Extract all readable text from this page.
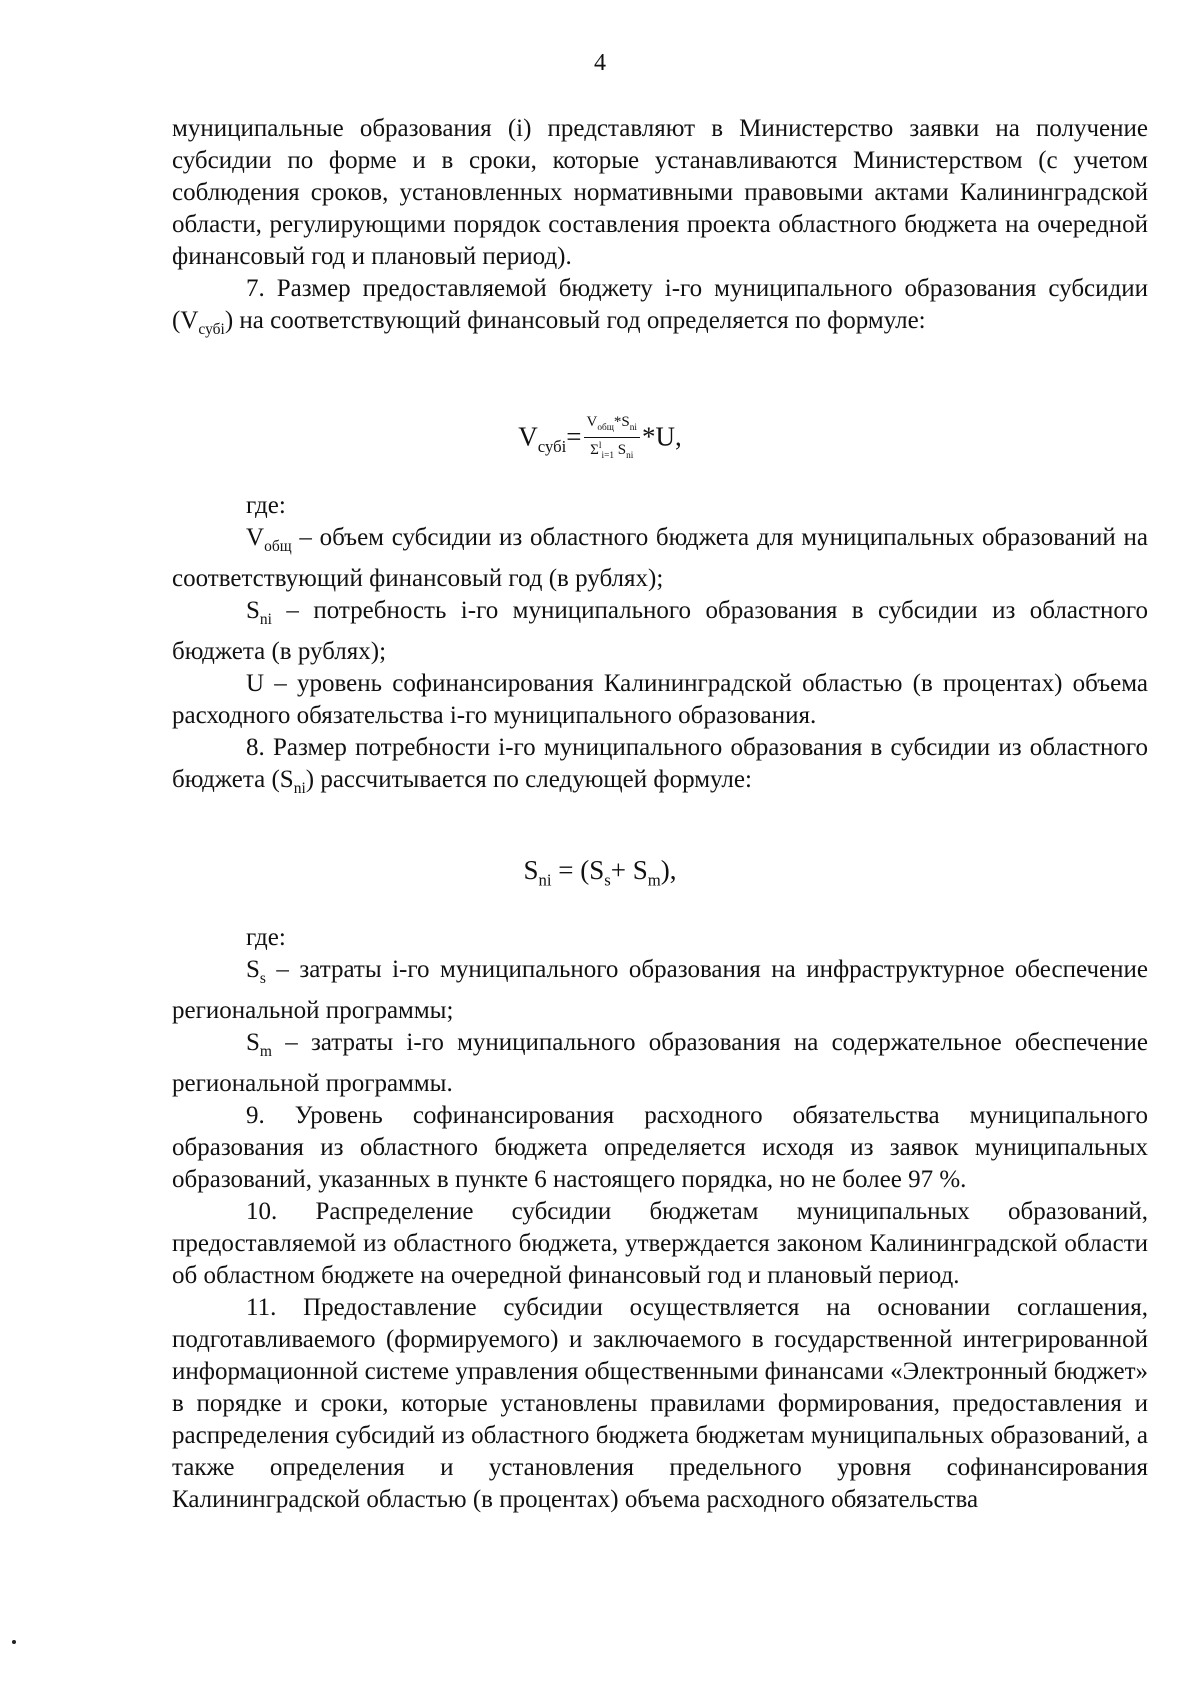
4

муниципальные образования (i) представляют в Министерство заявки на получение субсидии по форме и в сроки, которые устанавливаются Министерством (с учетом соблюдения сроков, установленных нормативными правовыми актами Калининградской области, регулирующими порядок составления проекта областного бюджета на очередной финансовый год и плановый период).

7. Размер предоставляемой бюджету i-го муниципального образования субсидии $(V_{субi})$ на соответствующий финансовый год определяется по формуле:

$V_{субi}= \frac{V_{общ}*S_{ni}}{\Sigma^l_{i=1} S_{ni}} *U$,

где:

$V_{общ}$ – объем субсидии из областного бюджета для муниципальных образований на соответствующий финансовый год (в рублях);

$S_{ni}$ – потребность i-го муниципального образования в субсидии из областного бюджета (в рублях);

U – уровень софинансирования Калининградской областью (в процентах) объема расходного обязательства i-го муниципального образования.

8. Размер потребности i-го муниципального образования в субсидии из областного бюджета $(S_{ni})$ рассчитывается по следующей формуле:

$S_{ni} = (S_s+ S_m)$,

где:

$S_s$ – затраты i-го муниципального образования на инфраструктурное обеспечение региональной программы;

$S_m$ – затраты i-го муниципального образования на содержательное обеспечение региональной программы.

9. Уровень софинансирования расходного обязательства муниципального образования из областного бюджета определяется исходя из заявок муниципальных образований, указанных в пункте 6 настоящего порядка, но не более 97 %.

10. Распределение субсидии бюджетам муниципальных образований, предоставляемой из областного бюджета, утверждается законом Калининградской области об областном бюджете на очередной финансовый год и плановый период.

11. Предоставление субсидии осуществляется на основании соглашения, подготавливаемого (формируемого) и заключаемого в государственной интегрированной информационной системе управления общественными финансами «Электронный бюджет» в порядке и сроки, которые установлены правилами формирования, предоставления и распределения субсидий из областного бюджета бюджетам муниципальных образований, а также определения и установления предельного уровня софинансирования Калининградской областью (в процентах) объема расходного обязательства
